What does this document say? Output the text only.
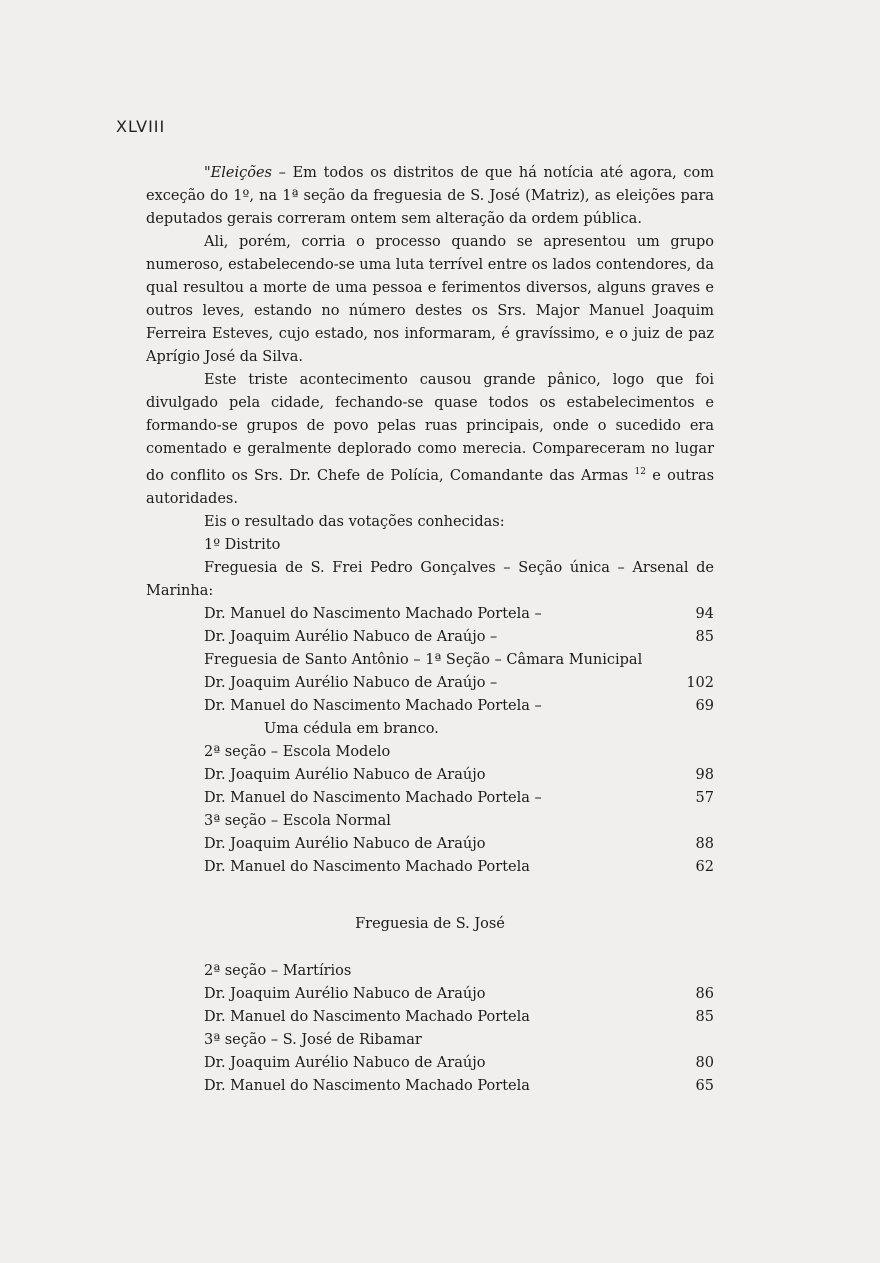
XLVIII

"Eleições – Em todos os distritos de que há notícia até agora, com exceção do 1º, na 1ª seção da freguesia de S. José (Matriz), as eleições para deputados gerais correram ontem sem alteração da ordem pública.

Ali, porém, corria o processo quando se apresentou um grupo numeroso, estabelecendo-se uma luta terrível entre os lados contendores, da qual resultou a morte de uma pessoa e ferimentos diversos, alguns graves e outros leves, estando no número destes os Srs. Major Manuel Joaquim Ferreira Esteves, cujo estado, nos informaram, é gravíssimo, e o juiz de paz Aprígio José da Silva.

Este triste acontecimento causou grande pânico, logo que foi divulgado pela cidade, fechando-se quase todos os estabelecimentos e formando-se grupos de povo pelas ruas principais, onde o sucedido era comentado e geralmente deplorado como merecia. Compareceram no lugar do conflito os Srs. Dr. Chefe de Polícia, Comandante das Armas $^{12}$ e outras autoridades.

Eis o resultado das votações conhecidas:
1º Distrito

Freguesia de S. Frei Pedro Gonçalves – Seção única – Arsenal de Marinha:

Dr. Manuel do Nascimento Machado Portela –	94
Dr. Joaquim Aurélio Nabuco de Araújo –	85
Freguesia de Santo Antônio – 1ª Seção – Câmara Municipal
Dr. Joaquim Aurélio Nabuco de Araújo –	102
Dr. Manuel do Nascimento Machado Portela –	69
Uma cédula em branco.
2ª seção – Escola Modelo
Dr. Joaquim Aurélio Nabuco de Araújo	98
Dr. Manuel do Nascimento Machado Portela –	57
3ª seção – Escola Normal
Dr. Joaquim Aurélio Nabuco de Araújo	88
Dr. Manuel do Nascimento Machado Portela	62
Freguesia de S. José
2ª seção – Martírios
Dr. Joaquim Aurélio Nabuco de Araújo	86
Dr. Manuel do Nascimento Machado Portela	85
3ª seção – S. José de Ribamar
Dr. Joaquim Aurélio Nabuco de Araújo	80
Dr. Manuel do Nascimento Machado Portela	65
